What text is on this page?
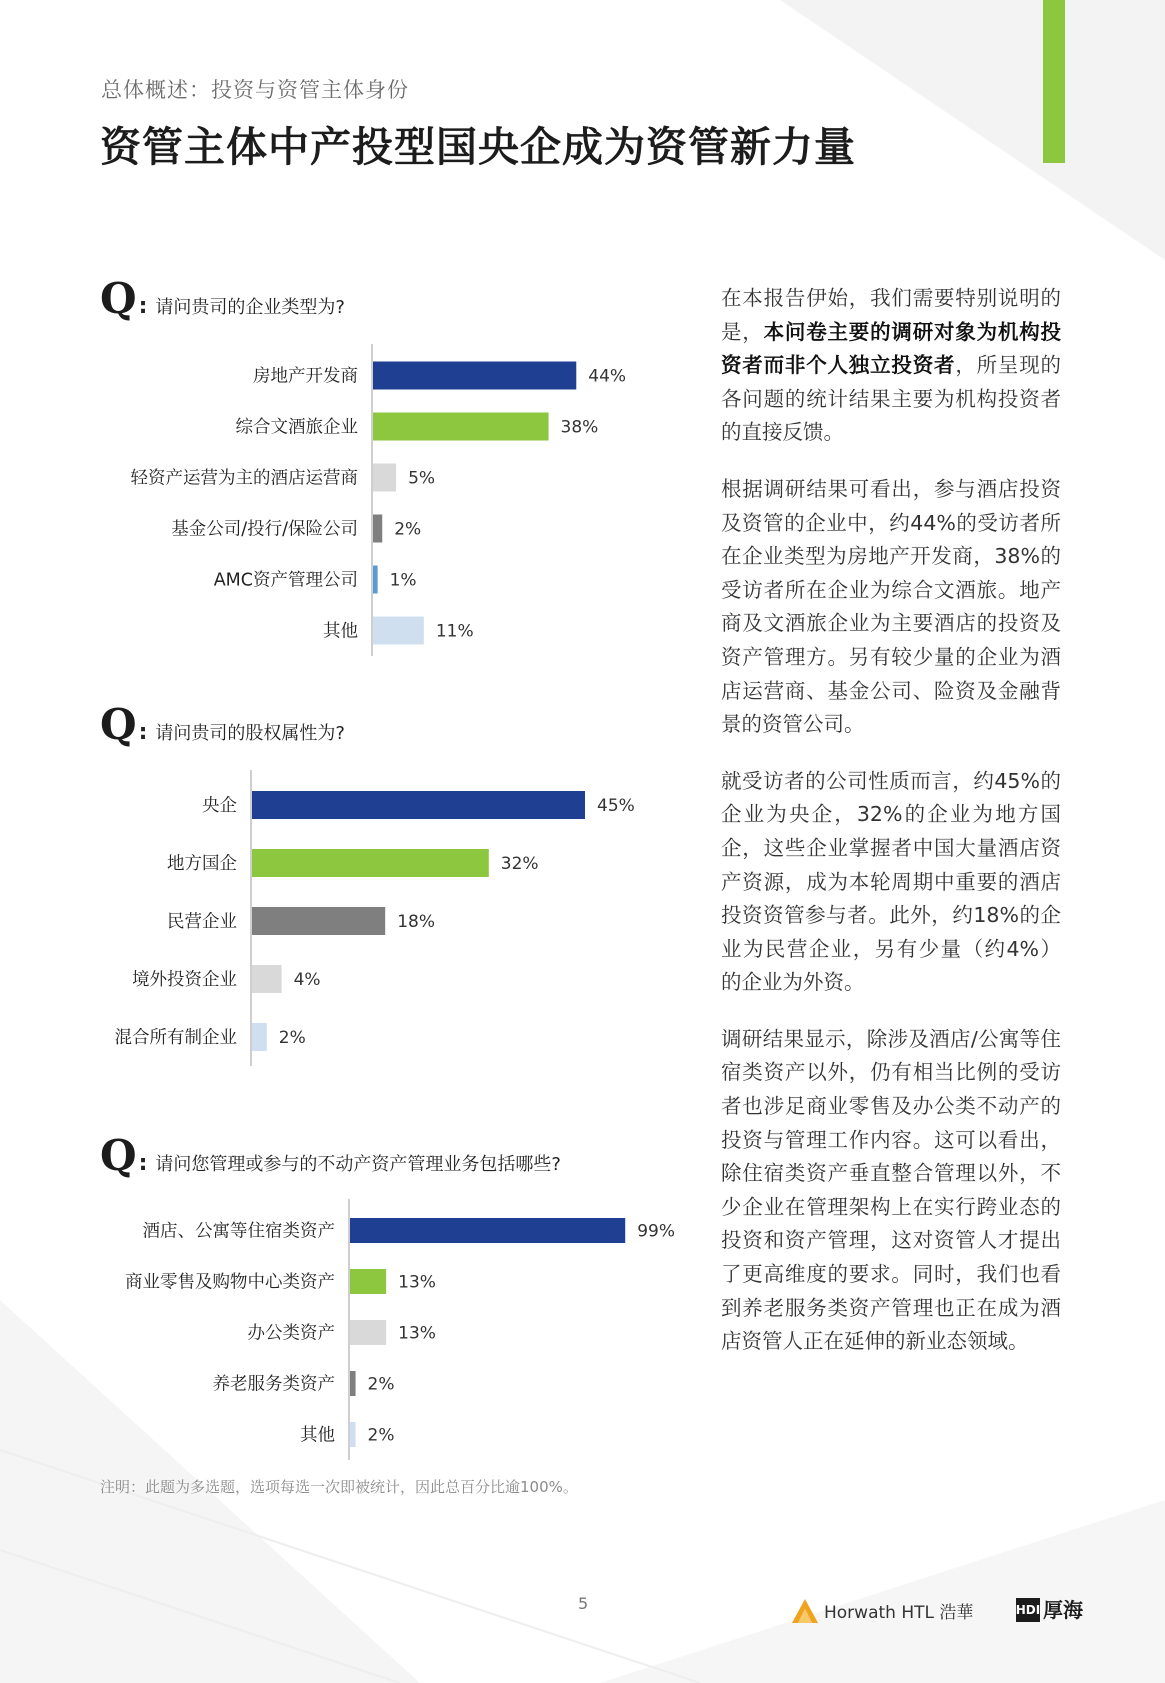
总体概述：投资与资管主体身份
资管主体中产投型国央企成为资管新力量
Q : 请问贵司的企业类型为?
房地产开发商	44%
综合文酒旅企业	38%
轻资产运营为主的酒店运营商	5%
基金公司/投行/保险公司 2%
AMC资产管理公司 1%
其他	11%
Q : 请问贵司的股权属性为?
央企	45%
地方国企	32%
民营企业	18%
境外投资企业	4%
混合所有制企业 2%
Q : 请问您管理或参与的不动产资产管理业务包括哪些?
酒店、公寓等住宿类资产	99%
商业零售及购物中心类资产	13%
办公类资产	13%
养老服务类资产 2%
其他 2%
注明：此题为多选题，选项每选一次即被统计，因此总百分比逾100%。

在本报告伊始，我们需要特别说明的是，本问卷主要的调研对象为机构投资者而非个人独立投资者，所呈现的各问题的统计结果主要为机构投资者的直接反馈。

根据调研结果可看出，参与酒店投资及资管的企业中，约44%的受访者所在企业类型为房地产开发商，38%的受访者所在企业为综合文酒旅。地产商及文酒旅企业为主要酒店的投资及资产管理方。另有较少量的企业为酒店运营商、基金公司、险资及金融背景的资管公司。

就受访者的公司性质而言，约45%的企业为央企，32%的企业为地方国企，这些企业掌握者中国大量酒店资产资源，成为本轮周期中重要的酒店投资资管参与者。此外，约18%的企业为民营企业，另有少量（约4%）的企业为外资。

调研结果显示，除涉及酒店/公寓等住宿类资产以外，仍有相当比例的受访者也涉足商业零售及办公类不动产的投资与管理工作内容。这可以看出，除住宿类资产垂直整合管理以外，不少企业在管理架构上在实行跨业态的投资和资产管理，这对资管人才提出了更高维度的要求。同时，我们也看到养老服务类资产管理也正在成为酒店资管人正在延伸的新业态领域。

5	Horwath HTL 浩華	HDI 厚海
